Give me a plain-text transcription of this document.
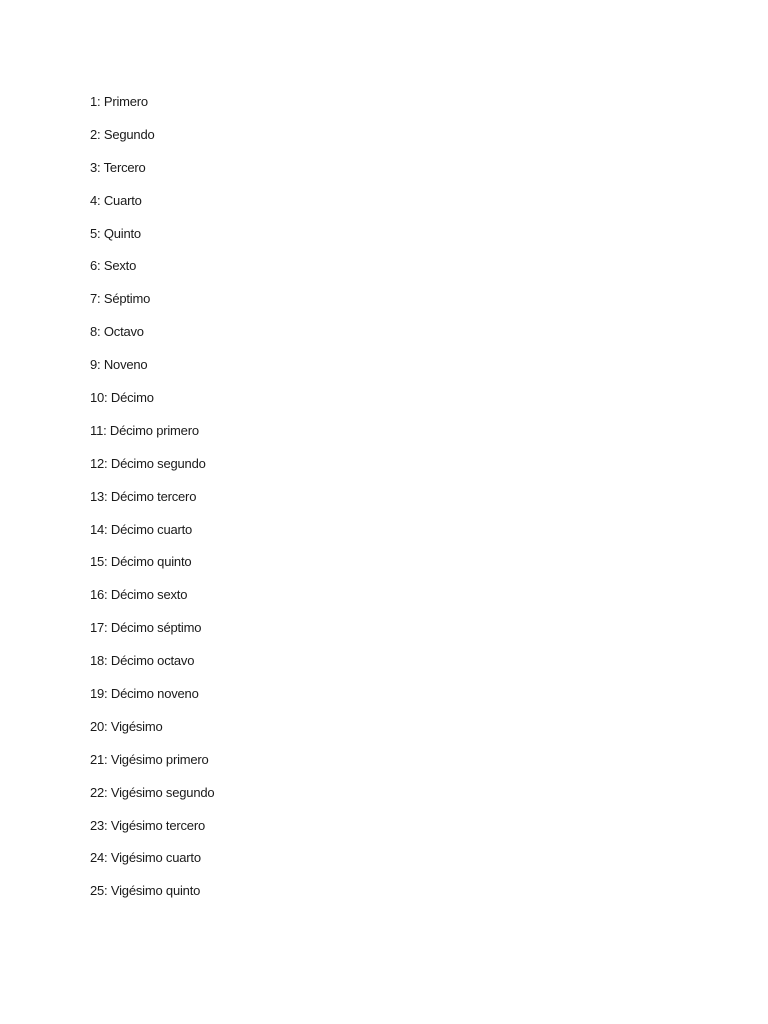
1: Primero
2: Segundo
3: Tercero
4: Cuarto
5: Quinto
6: Sexto
7: Séptimo
8: Octavo
9: Noveno
10: Décimo
11: Décimo primero
12: Décimo segundo
13: Décimo tercero
14: Décimo cuarto
15: Décimo quinto
16: Décimo sexto
17: Décimo séptimo
18: Décimo octavo
19: Décimo noveno
20: Vigésimo
21: Vigésimo primero
22: Vigésimo segundo
23: Vigésimo tercero
24: Vigésimo cuarto
25: Vigésimo quinto
